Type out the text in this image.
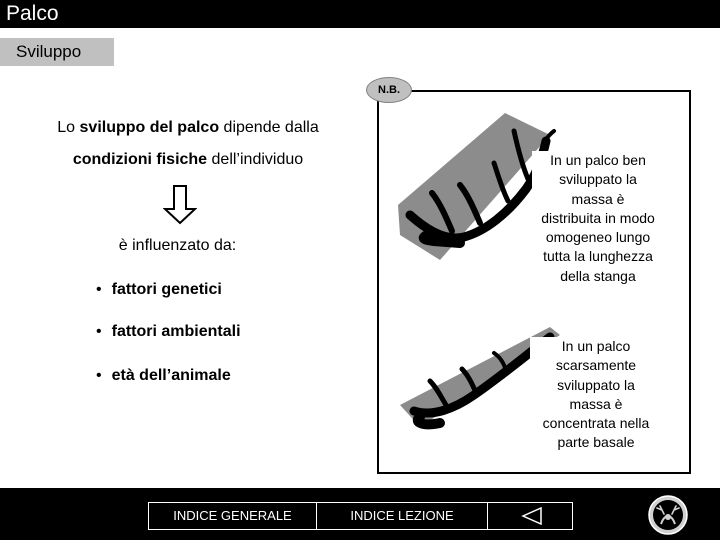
Palco
Sviluppo
Lo sviluppo del palco dipende dalla
condizioni fisiche dell’individuo
è influenzato da:
• fattori genetici
• fattori ambientali
• età dell’animale
N.B.
In un palco ben
sviluppato la
massa è
distribuita in modo
omogeneo lungo
tutta la lunghezza
della stanga
In un palco
scarsamente
sviluppato la
massa è
concentrata nella
parte basale
INDICE GENERALE	INDICE LEZIONE
